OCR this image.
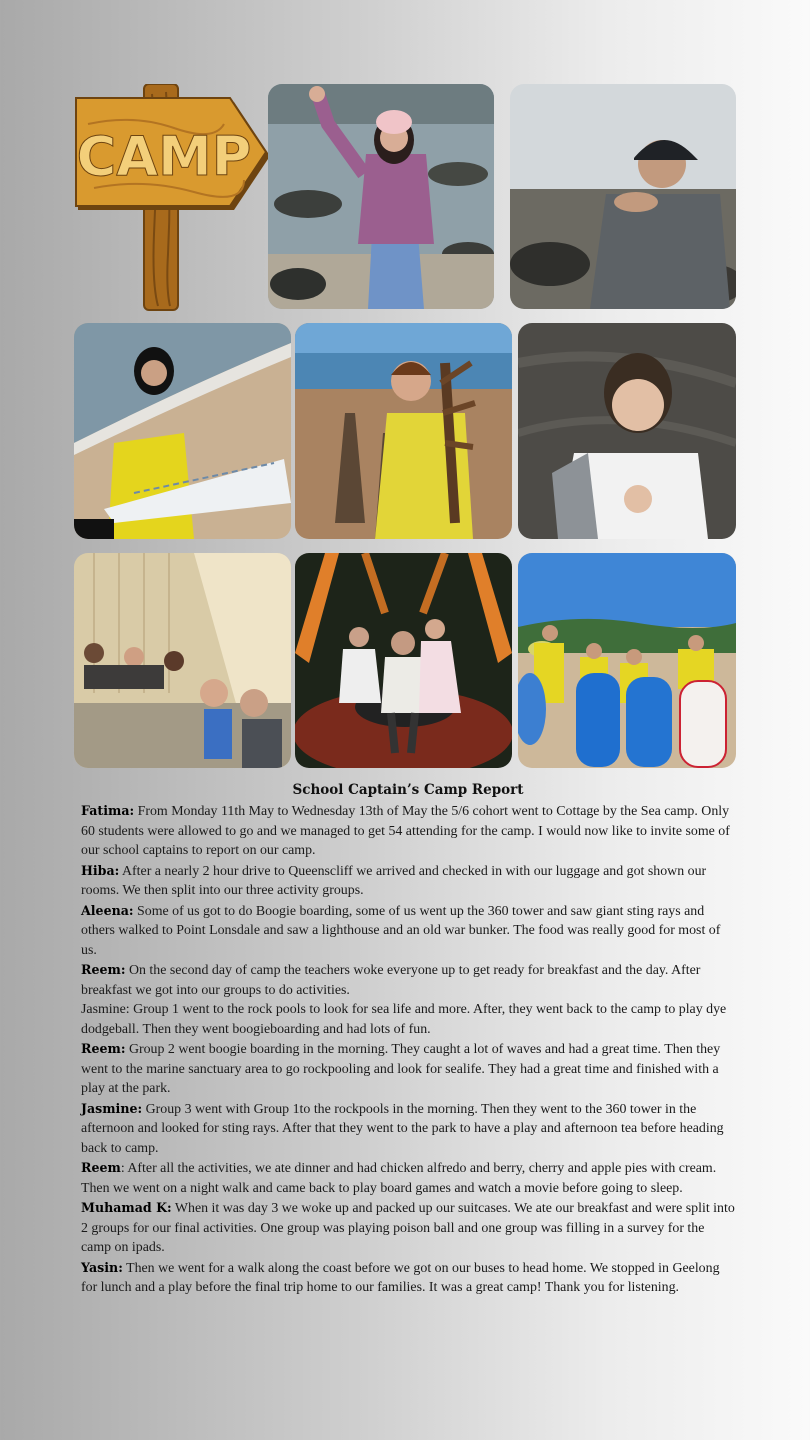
CAMP
School Captain’s Camp Report

Fatima: From Monday 11th May to Wednesday 13th of May the 5/6 cohort went to Cottage by the Sea camp. Only 60 students were allowed to go and we managed to get 54 attending for the camp. I would now like to invite some of our school captains to report on our camp.

Hiba: After a nearly 2 hour drive to Queenscliff we arrived and checked in with our luggage and got shown our rooms. We then split into our three activity groups.

Aleena: Some of us got to do Boogie boarding, some of us went up the 360 tower and saw giant sting rays and others walked to Point Lonsdale and saw a lighthouse and an old war bunker. The food was really good for most of us.

Reem: On the second day of camp the teachers woke everyone up to get ready for breakfast and the day. After breakfast we got into our groups to do activities.

Jasmine: Group 1 went to the rock pools to look for sea life and more. After, they went back to the camp to play dye dodgeball. Then they went boogieboarding and had lots of fun.

Reem: Group 2 went boogie boarding in the morning. They caught a lot of waves and had a great time. Then they went to the marine sanctuary area to go rockpooling and look for sealife. They had a great time and finished with a play at the park.

Jasmine: Group 3 went with Group 1to the rockpools in the morning. Then they went to the 360 tower in the afternoon and looked for sting rays. After that they went to the park to have a play and afternoon tea before heading back to camp.

Reem: After all the activities, we ate dinner and had chicken alfredo and berry, cherry and apple pies with cream. Then we went on a night walk and came back to play board games and watch a movie before going to sleep.

Muhamad K: When it was day 3 we woke up and packed up our suitcases. We ate our breakfast and were split into 2 groups for our final activities. One group was playing poison ball and one group was filling in a survey for the camp on ipads.

Yasin: Then we went for a walk along the coast before we got on our buses to head home. We stopped in Geelong for lunch and a play before the final trip home to our families. It was a great camp! Thank you for listening.
